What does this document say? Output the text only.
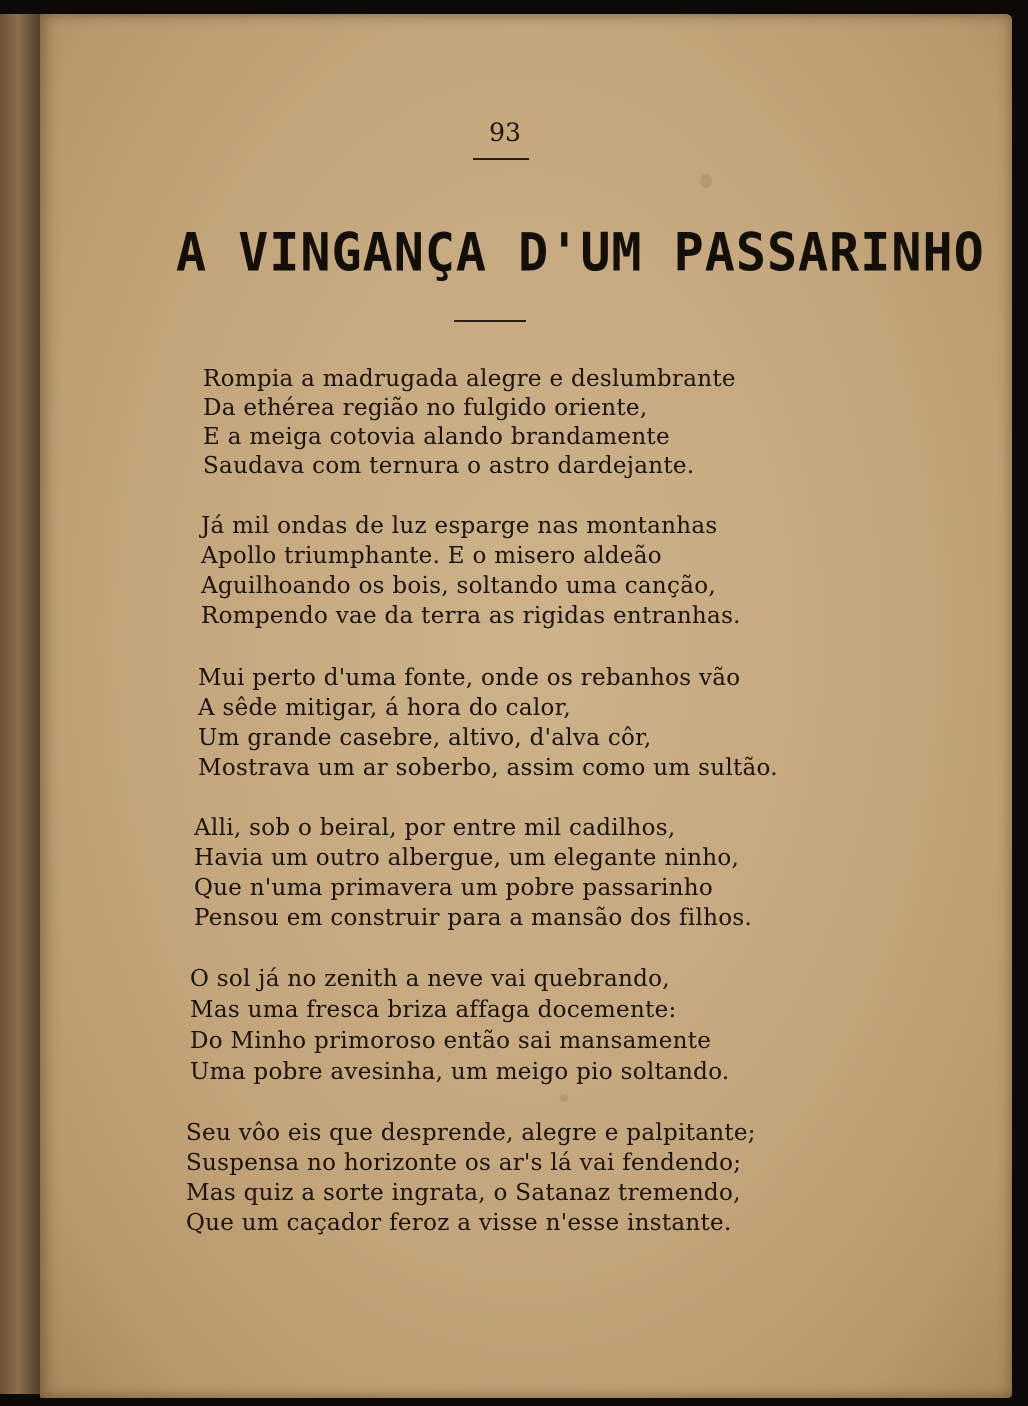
93
A VINGANÇA D'UM PASSARINHO
Rompia a madrugada alegre e deslumbrante
Da ethérea região no fulgido oriente,
E a meiga cotovia alando brandamente
Saudava com ternura o astro dardejante.
Já mil ondas de luz esparge nas montanhas
Apollo triumphante. E o misero aldeão
Aguilhoando os bois, soltando uma canção,
Rompendo vae da terra as rigidas entranhas.
Mui perto d'uma fonte, onde os rebanhos vão
A sêde mitigar, á hora do calor,
Um grande casebre, altivo, d'alva côr,
Mostrava um ar soberbo, assim como um sultão.
Alli, sob o beiral, por entre mil cadilhos,
Havia um outro albergue, um elegante ninho,
Que n'uma primavera um pobre passarinho
Pensou em construir para a mansão dos filhos.
O sol já no zenith a neve vai quebrando,
Mas uma fresca briza affaga docemente:
Do Minho primoroso então sai mansamente
Uma pobre avesinha, um meigo pio soltando.
Seu vôo eis que desprende, alegre e palpitante;
Suspensa no horizonte os ar's lá vai fendendo;
Mas quiz a sorte ingrata, o Satanaz tremendo,
Que um caçador feroz a visse n'esse instante.
